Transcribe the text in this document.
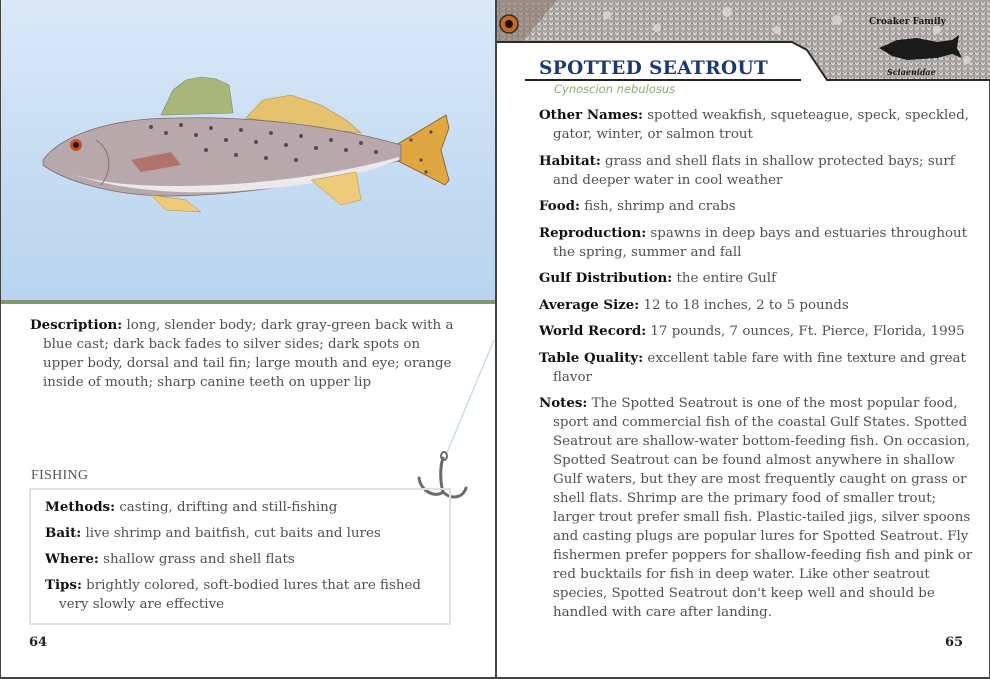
Description: long, slender body; dark gray-green back with a blue cast; dark back fades to silver sides; dark spots on upper body, dorsal and tail fin; large mouth and eye; orange inside of mouth; sharp canine teeth on upper lip
FISHING
Methods: casting, drifting and still-fishing
Bait: live shrimp and baitfish, cut baits and lures
Where: shallow grass and shell flats
Tips: brightly colored, soft-bodied lures that are fished very slowly are effective
64
Croaker Family
Sciaenidae
SPOTTED SEATROUT
Cynoscion nebulosus
Other Names: spotted weakfish, squeteague, speck, speckled, gator, winter, or salmon trout
Habitat: grass and shell flats in shallow protected bays; surf and deeper water in cool weather
Food: fish, shrimp and crabs
Reproduction: spawns in deep bays and estuaries throughout the spring, summer and fall
Gulf Distribution: the entire Gulf
Average Size: 12 to 18 inches, 2 to 5 pounds
World Record: 17 pounds, 7 ounces, Ft. Pierce, Florida, 1995
Table Quality: excellent table fare with fine texture and great flavor
Notes: The Spotted Seatrout is one of the most popular food, sport and commercial fish of the coastal Gulf States. Spotted Seatrout are shallow-water bottom-feeding fish. On occasion, Spotted Seatrout can be found almost anywhere in shallow Gulf waters, but they are most frequently caught on grass or shell flats. Shrimp are the primary food of smaller trout; larger trout prefer small fish. Plastic-tailed jigs, silver spoons and casting plugs are popular lures for Spotted Seatrout. Fly fishermen prefer poppers for shallow-feeding fish and pink or red bucktails for fish in deep water. Like other seatrout species, Spotted Seatrout don't keep well and should be handled with care after landing.
65
